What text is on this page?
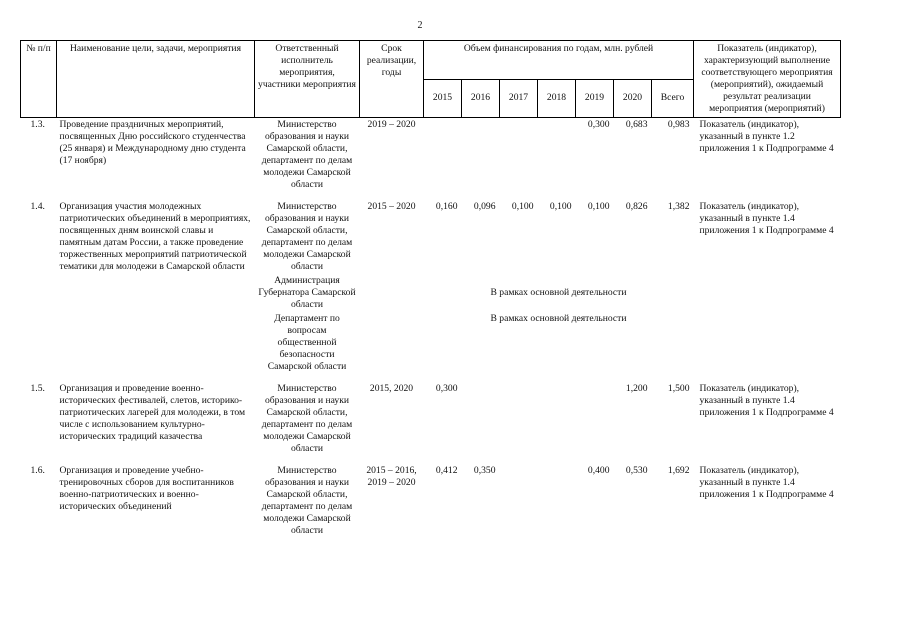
2
№ п/п	Наименование цели, задачи, мероприятия	Ответственный исполнитель мероприятия, участники мероприятия	Срок реализации, годы	Объем финансирования по годам, млн. рублей							Показатель (индикатор), характеризующий выполнение соответствующего мероприятия (мероприятий), ожидаемый результат реализации мероприятия (мероприятий)
				2015	2016	2017	2018	2019	2020	Всего	
1.3.	Проведение праздничных мероприятий, посвященных Дню российского студенчества (25 января) и Международному дню студента (17 ноября)	Министерство образования и науки Самарской области, департамент по делам молодежи Самарской области	2019 – 2020					0,300	0,683	0,983	Показатель (индикатор), указанный в пункте 1.2 приложения 1 к Подпрограмме 4

1.4.	Организация участия молодежных патриотических объединений в мероприятиях, посвященных дням воинской славы и памятным датам России, а также проведение торжественных мероприятий патриотической тематики для молодежи в Самарской области	Министерство образования и науки Самарской области, департамент по делам молодежи Самарской области	2015 – 2020	0,160	0,096	0,100	0,100	0,100	0,826	1,382	Показатель (индикатор), указанный в пункте 1.4 приложения 1 к Подпрограмме 4
		Администрация Губернатора Самарской области		В рамках основной деятельности							
		Департамент по вопросам общественной безопасности Самарской области		В рамках основной деятельности							

1.5.	Организация и проведение военно-исторических фестивалей, слетов, историко-патриотических лагерей для молодежи, в том числе с использованием культурно-исторических традиций казачества	Министерство образования и науки Самарской области, департамент по делам молодежи Самарской области	2015, 2020	0,300					1,200	1,500	Показатель (индикатор), указанный в пункте 1.4 приложения 1 к Подпрограмме 4

1.6.	Организация и проведение учебно-тренировочных сборов для воспитанников военно-патриотических и военно-исторических объединений	Министерство образования и науки Самарской области, департамент по делам молодежи Самарской области	2015 – 2016, 2019 – 2020	0,412	0,350			0,400	0,530	1,692	Показатель (индикатор), указанный в пункте 1.4 приложения 1 к Подпрограмме 4
